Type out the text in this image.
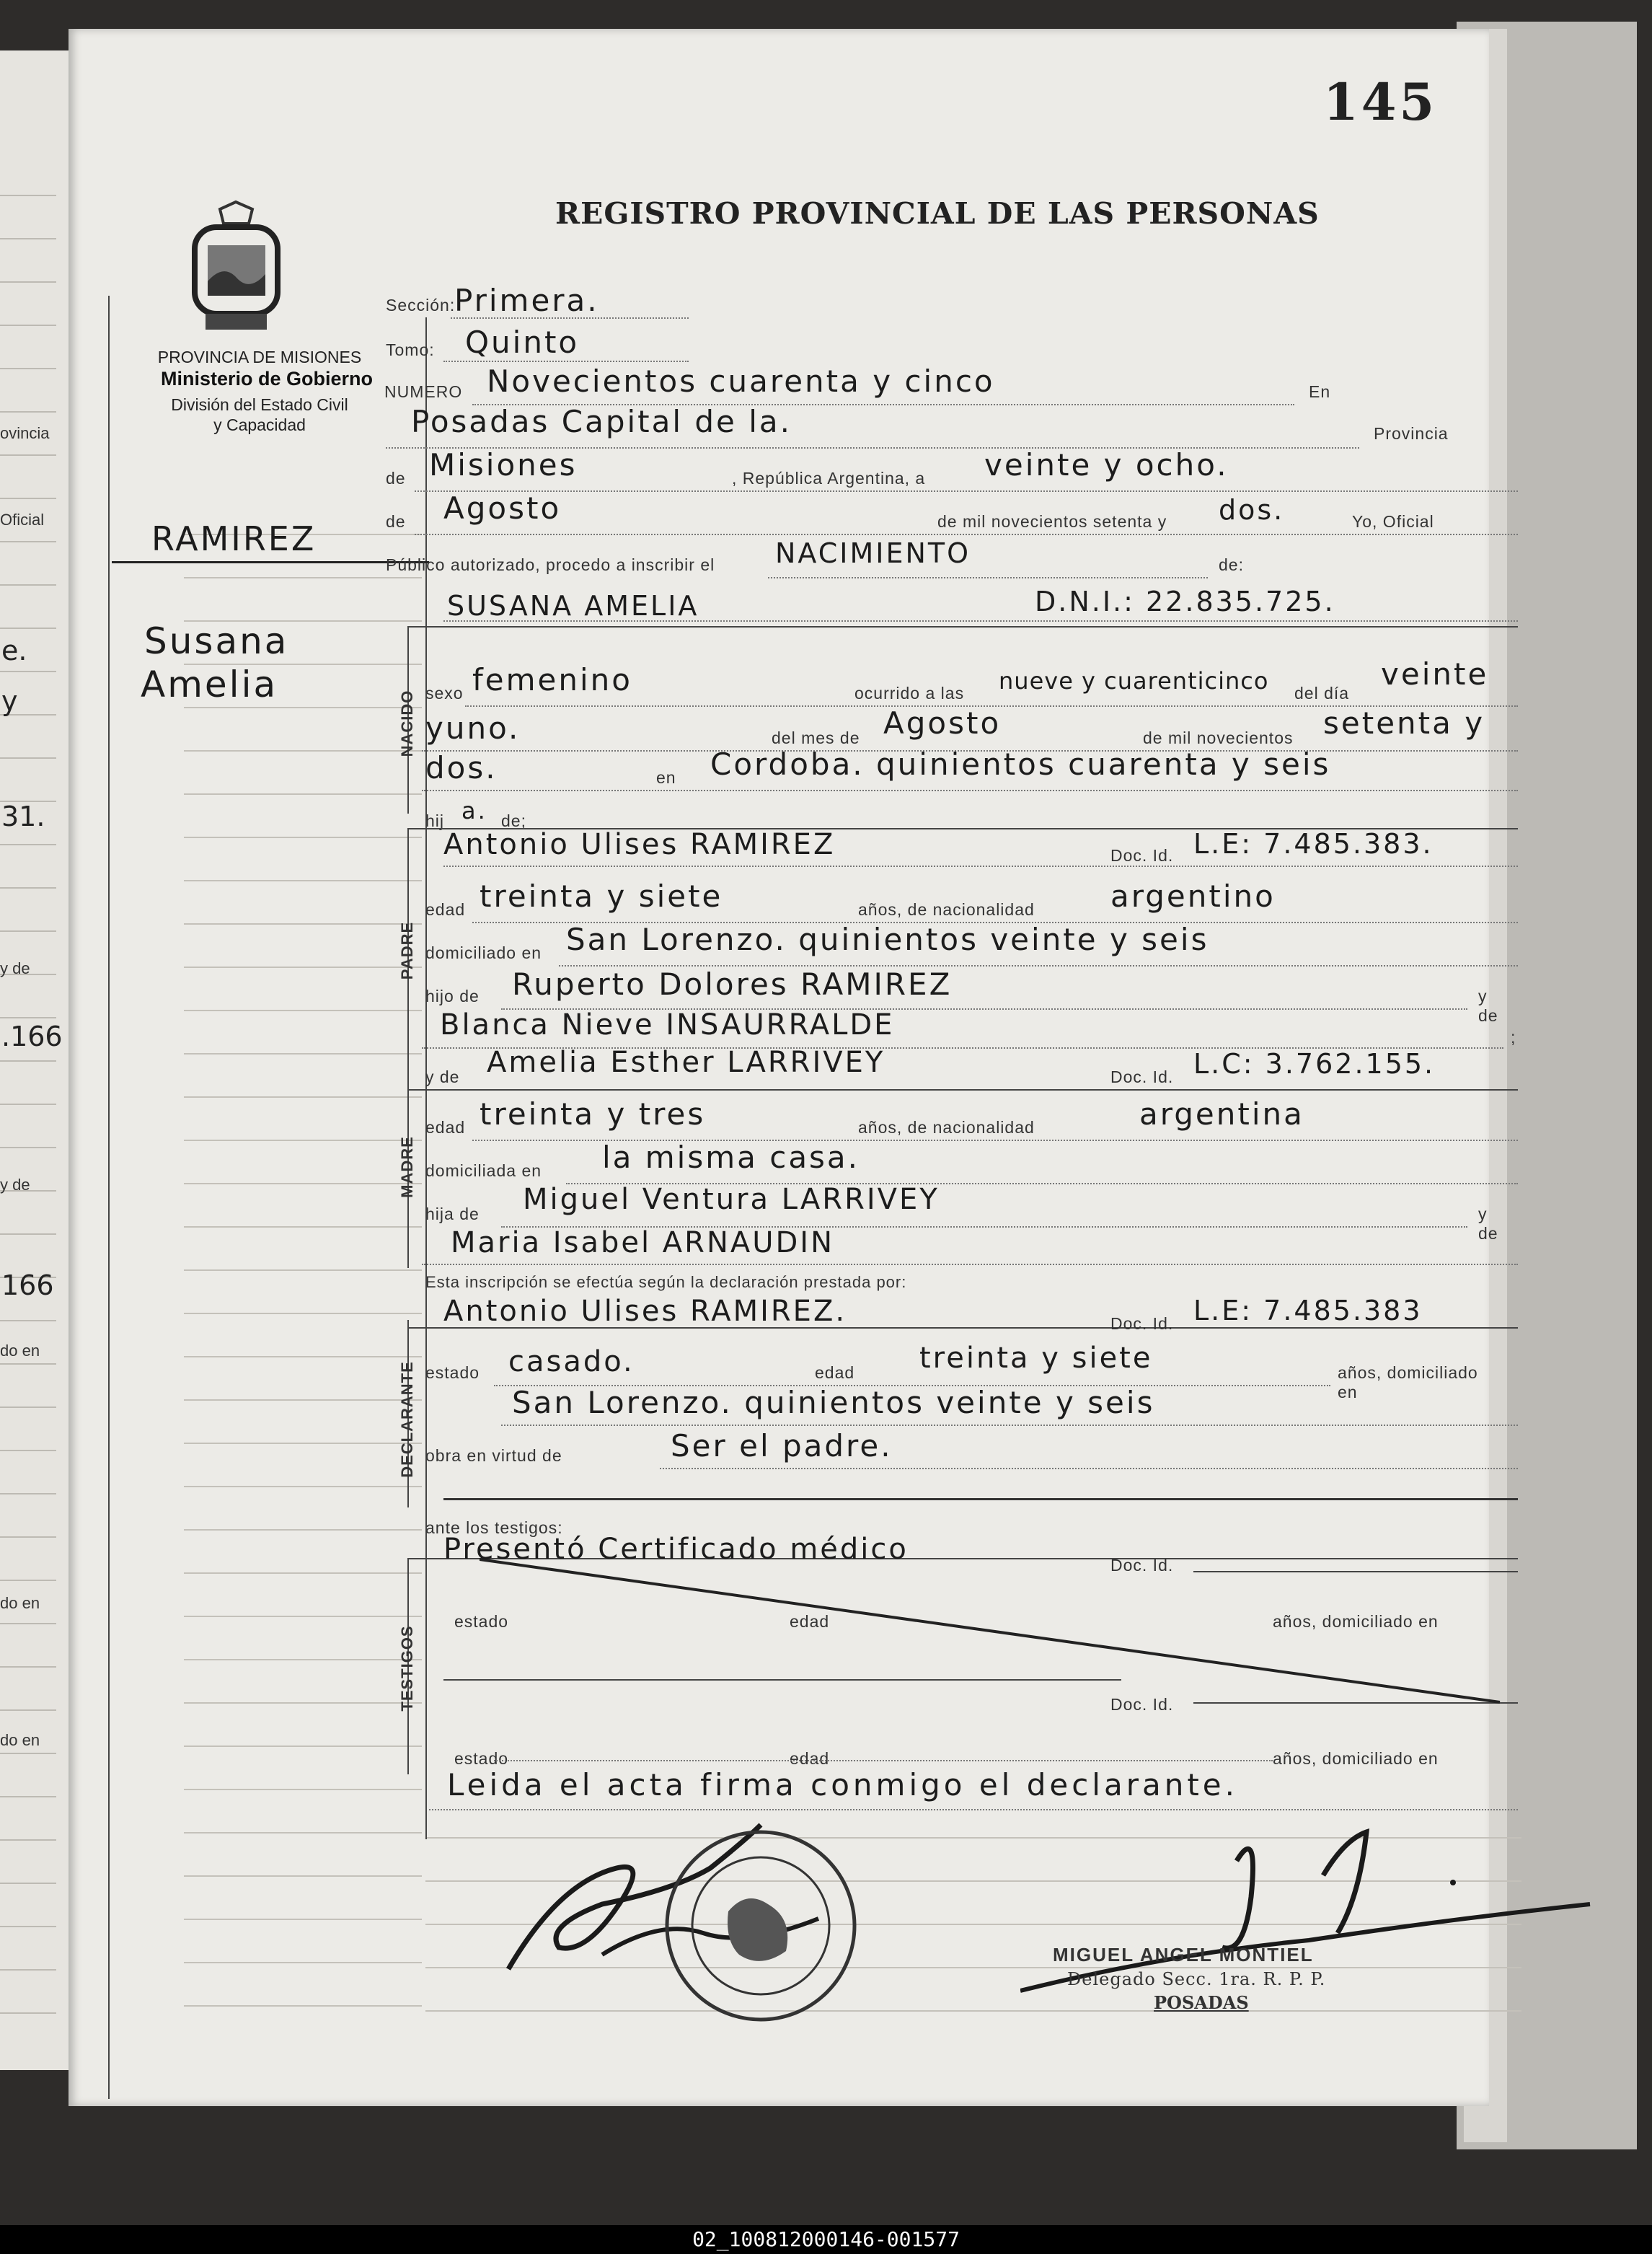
ovincia
Oficial
e.
y
31.
y de
.166
y de
166
do en
do en
do en
145
PROVINCIA DE MISIONES
Ministerio de Gobierno
División del Estado Civil
y Capacidad
REGISTRO PROVINCIAL DE LAS PERSONAS
RAMIREZ
Susana
Amelia
Sección:
Primera.
Tomo: Quinto
NUMERO Novecientos cuarenta y cinco	En
Posadas Capital de la.	Provincia
de Misiones	, República Argentina, a veinte y ocho.
de Agosto	de mil novecientos setenta y dos.	Yo, Oficial
Público autorizado, procedo a inscribir el NACIMIENTO	de:
SUSANA AMELIA	D.N.I.: 22.835.725.
NACIDO sexo femenino	ocurrido a las nueve y cuarenticinco del día
veinte
yuno.	del mes de Agosto	de mil novecientos setenta y
dos.	en Cordoba. quinientos cuarenta y seis
hij a. de;
PADRE
Antonio Ulises RAMIREZ	Doc. Id. L.E: 7.485.383.
edad treinta y siete	años, de nacionalidad	argentino
domiciliado en San Lorenzo. quinientos veinte y seis
hijo de Ruperto Dolores RAMIREZ	y de
Blanca Nieve INSAURRALDE	;
MADRE
y de Amelia Esther LARRIVEY	Doc. Id. L.C: 3.762.155.
edad treinta y tres	años, de nacionalidad	argentina
domiciliada en la misma casa.
hija de Miguel Ventura LARRIVEY	y de
Maria Isabel ARNAUDIN
Esta inscripción se efectúa según la declaración prestada por:
DECLARANTE
Antonio Ulises RAMIREZ.	Doc. Id. L.E: 7.485.383
estado casado.	edad treinta y siete	años, domiciliado en
San Lorenzo. quinientos veinte y seis
obra en virtud de	Ser el padre.
ante los testigos:
TESTIGOS
Presentó Certificado médico	Doc. Id.
estado	edad	años, domiciliado en
Doc. Id.
estado	edad	años, domiciliado en
Leida el acta firma conmigo el declarante.
MIGUEL ANGEL MONTIEL
Delegado Secc. 1ra. R. P. P.
POSADAS
02_100812000146-001577
